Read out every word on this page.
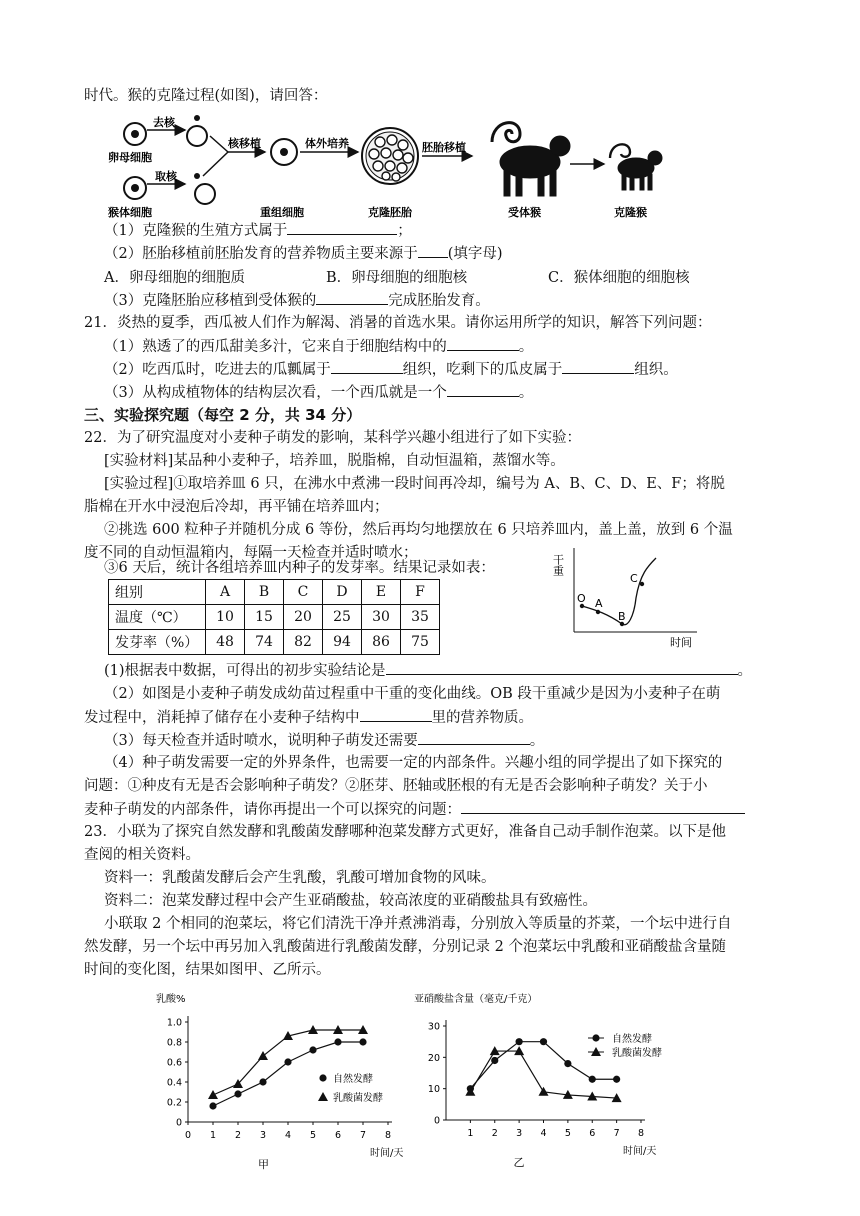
时代。猴的克隆过程(如图)，请回答：
卵母细胞
去核
猴体细胞
取核
核移植
重组细胞
体外培养
克隆胚胎
胚胎移植
受体猴	克隆猴
（1）克隆猴的生殖方式属于	；
（2）胚胎移植前胚胎发育的营养物质主要来源于 (填字母)
A．卵母细胞的细胞质	B．卵母细胞的细胞核	C．猴体细胞的细胞核
（3）克隆胚胎应移植到受体猴的	完成胚胎发育。
21．炎热的夏季，西瓜被人们作为解渴、消暑的首选水果。请你运用所学的知识，解答下列问题：
（1）熟透了的西瓜甜美多汁，它来自于细胞结构中的	。
（2）吃西瓜时，吃进去的瓜瓤属于	组织，吃剩下的瓜皮属于	组织。
（3）从构成植物体的结构层次看，一个西瓜就是一个	。
三、实验探究题（每空 2 分，共 34 分）
22．为了研究温度对小麦种子萌发的影响，某科学兴趣小组进行了如下实验：
[实验材料]某品种小麦种子，培养皿，脱脂棉，自动恒温箱，蒸馏水等。
[实验过程]①取培养皿 6 只，在沸水中煮沸一段时间再冷却，编号为 A、B、C、D、E、F；将脱
脂棉在开水中浸泡后冷却，再平铺在培养皿内；
②挑选 600 粒种子并随机分成 6 等份，然后再均匀地摆放在 6 只培养皿内，盖上盖，放到 6 个温
度不同的自动恒温箱内，每隔一天检查并适时喷水；
③6 天后，统计各组培养皿内种子的发芽率。结果记录如表：
组别	A	B	C	D	E	F
温度（℃）	10	15	20	25	30	35
发芽率（%）	48	74	82	94	86	75
干重
O A
B
C
时间
(1)根据表中数据，可得出的初步实验结论是	。
（2）如图是小麦种子萌发成幼苗过程重中干重的变化曲线。OB 段干重减少是因为小麦种子在萌
发过程中，消耗掉了储存在小麦种子结构中	里的营养物质。
（3）每天检查并适时喷水，说明种子萌发还需要	。
（4）种子萌发需要一定的外界条件，也需要一定的内部条件。兴趣小组的同学提出了如下探究的
问题：①种皮有无是否会影响种子萌发？②胚芽、胚轴或胚根的有无是否会影响种子萌发？关于小
麦种子萌发的内部条件，请你再提出一个可以探究的问题：
23．小联为了探究自然发酵和乳酸菌发酵哪种泡菜发酵方式更好，准备自己动手制作泡菜。以下是他
查阅的相关资料。
资料一：乳酸菌发酵后会产生乳酸，乳酸可增加食物的风味。
资料二：泡菜发酵过程中会产生亚硝酸盐，较高浓度的亚硝酸盐具有致癌性。
小联取 2 个相同的泡菜坛，将它们清洗干净并煮沸消毒，分别放入等质量的芥菜，一个坛中进行自
然发酵，另一个坛中再另加入乳酸菌进行乳酸菌发酵，分别记录 2 个泡菜坛中乳酸和亚硝酸盐含量随
时间的变化图，结果如图甲、乙所示。
乳酸%
0
0.2
0.4
0.6
0.8
1.0
0 1 2 3 4 5 6 7 8
时间/天
甲
自然发酵
乳酸菌发酵
亚硝酸盐含量（毫克/千克）
0
10
20
30
1 2 3 4 5 6 7 8
时间/天
乙
自然发酵
乳酸菌发酵
